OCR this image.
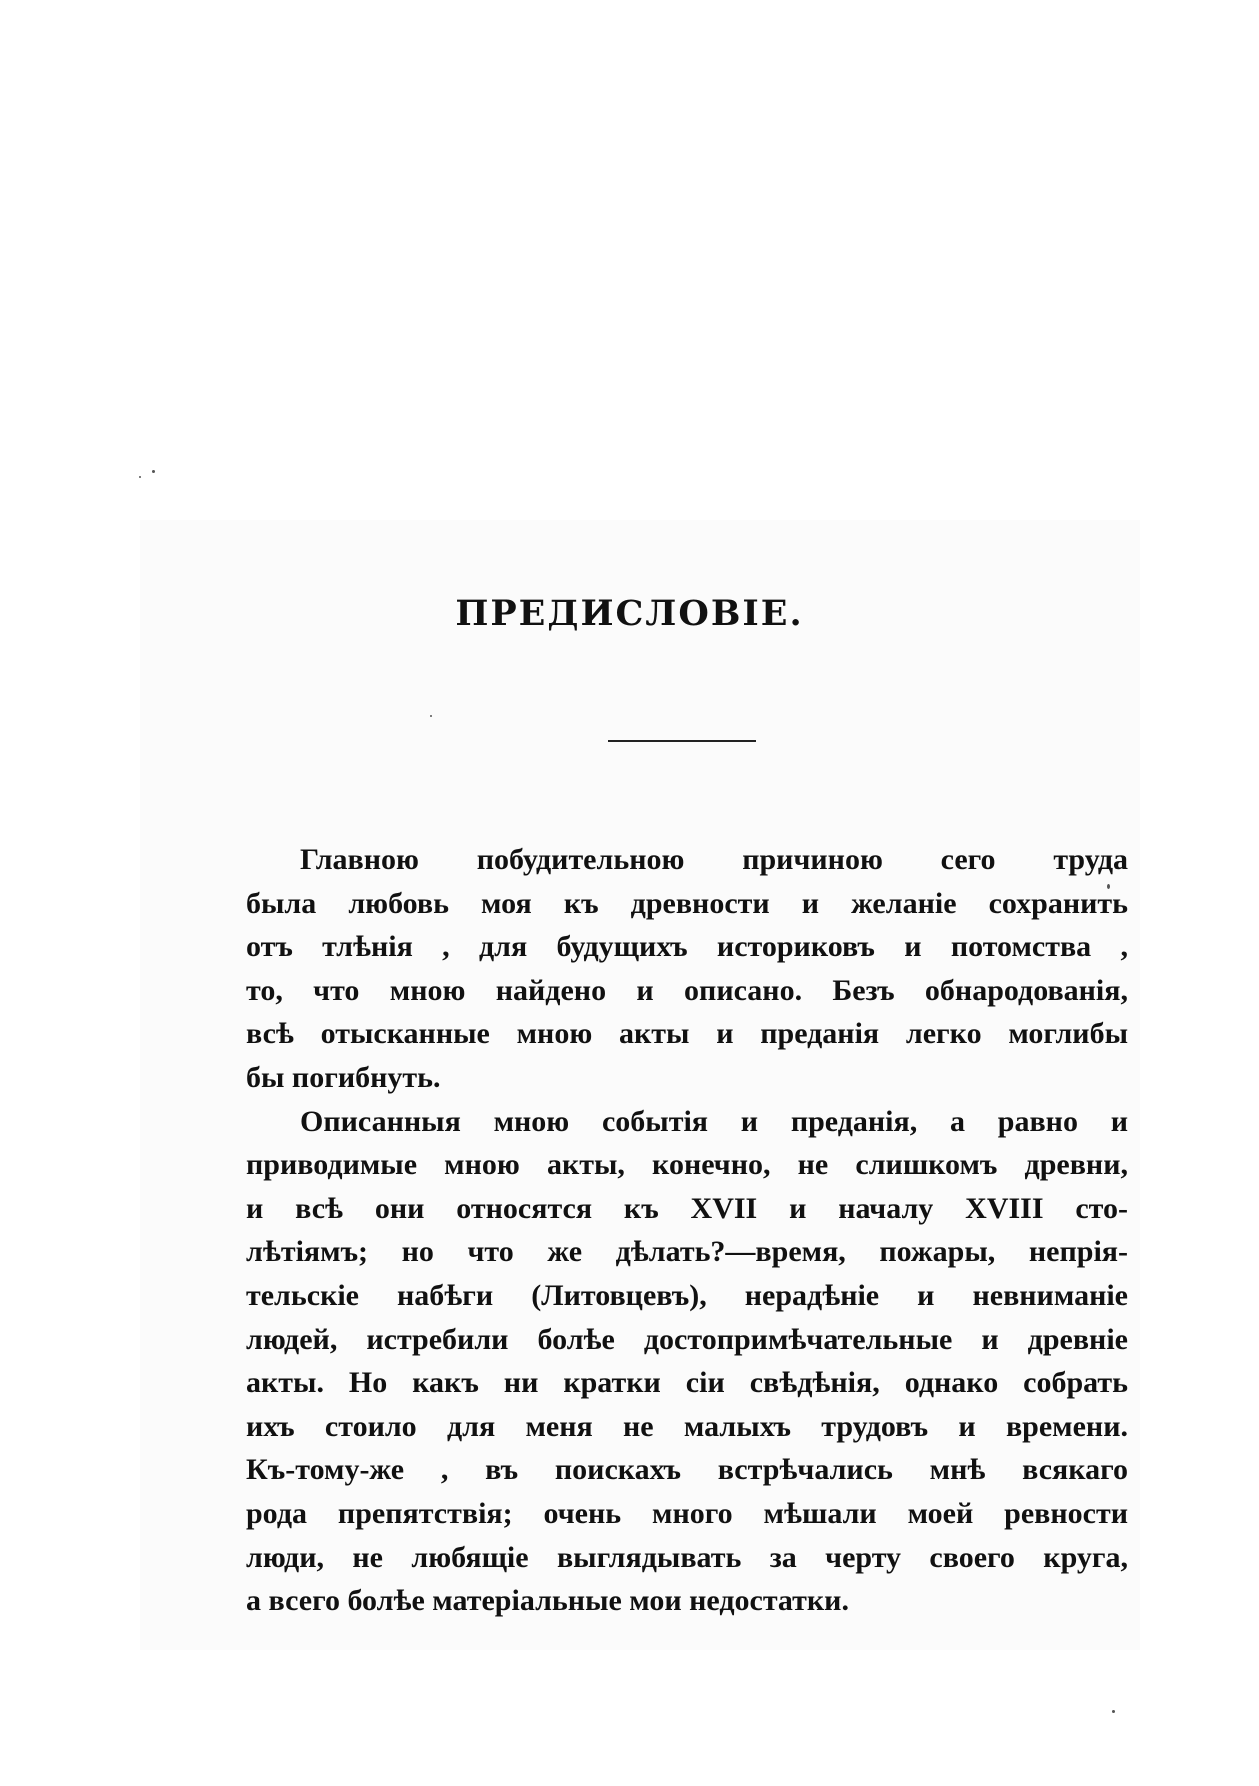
ПРЕДИСЛОВІЕ.
Главною побудительною причиною сего труда
была любовь моя къ древности и желаніе сохранить
отъ тлѣнія , для будущихъ историковъ и потомства ,
то, что мною найдено и описано. Безъ обнародованія,
всѣ отысканные мною акты и преданія легко моглибы
бы погибнуть.
Описанныя мною событія и преданія, а равно и
приводимые мною акты, конечно, не слишкомъ древни,
и всѣ они относятся къ XVII и началу XVIII сто-
лѣтіямъ; но что же дѣлать?—время, пожары, непрія-
тельскіе набѣги (Литовцевъ), нерадѣніе и невниманіе
людей, истребили болѣе достопримѣчательные и древніе
акты. Но какъ ни кратки сіи свѣдѣнія, однако собрать
ихъ стоило для меня не малыхъ трудовъ и времени.
Къ-тому-же , въ поискахъ встрѣчались мнѣ всякаго
рода препятствія; очень много мѣшали моей ревности
люди, не любящіе выглядывать за черту своего круга,
а всего болѣе матеріальные мои недостатки.
